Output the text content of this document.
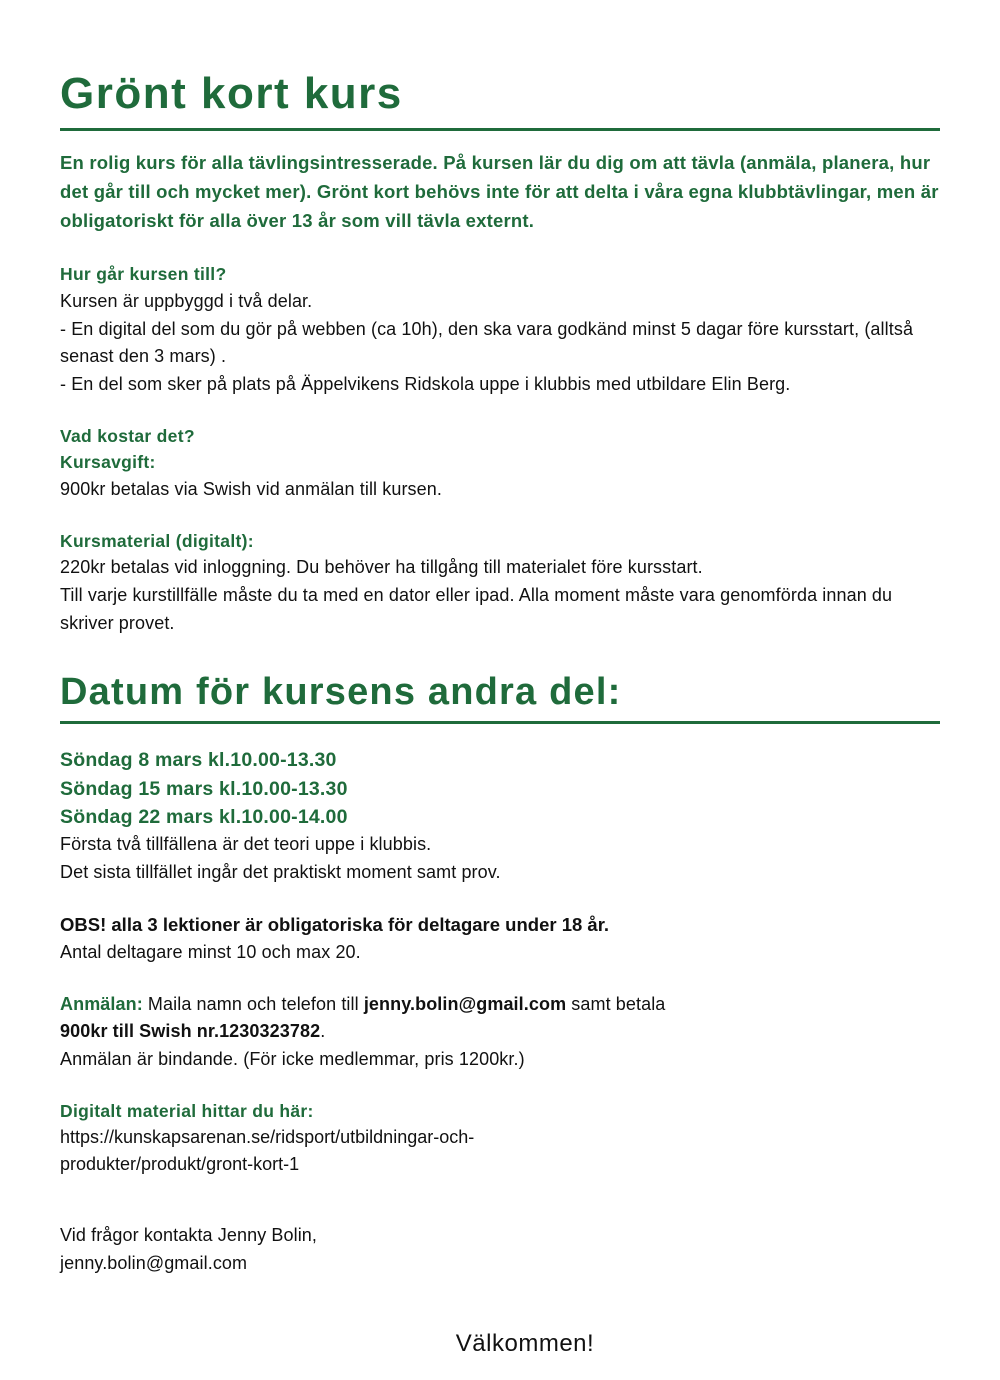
Grönt kort kurs

En rolig kurs för alla tävlingsintresserade. På kursen lär du dig om att tävla (anmäla, planera, hur det går till och mycket mer). Grönt kort behövs inte för att delta i våra egna klubbtävlingar, men är obligatoriskt för alla över 13 år som vill tävla externt.

Hur går kursen till?

Kursen är uppbyggd i två delar.

- En digital del som du gör på webben (ca 10h), den ska vara godkänd minst 5 dagar före kursstart, (alltså senast den 3 mars) .

- En del som sker på plats på Äppelvikens Ridskola uppe i klubbis med utbildare Elin Berg.

Vad kostar det?

Kursavgift:

900kr betalas via Swish vid anmälan till kursen.

Kursmaterial (digitalt):

220kr betalas vid inloggning. Du behöver ha tillgång till materialet före kursstart.

Till varje kurstillfälle måste du ta med en dator eller ipad. Alla moment måste vara genomförda innan du skriver provet.

Datum för kursens andra del:

Söndag 8 mars kl.10.00-13.30

Söndag 15 mars kl.10.00-13.30

Söndag 22 mars kl.10.00-14.00

Första två tillfällena är det teori uppe i klubbis.

Det sista tillfället ingår det praktiskt moment samt prov.

OBS! alla 3 lektioner är obligatoriska för deltagare under 18 år.

Antal deltagare minst 10 och max 20.

Anmälan: Maila namn och telefon till jenny.bolin@gmail.com samt betala

900kr till Swish nr.1230323782.

Anmälan är bindande. (För icke medlemmar, pris 1200kr.)

Digitalt material hittar du här:

https://kunskapsarenan.se/ridsport/utbildningar-och-

produkter/produkt/gront-kort-1

Vid frågor kontakta Jenny Bolin,

jenny.bolin@gmail.com

Välkommen!
